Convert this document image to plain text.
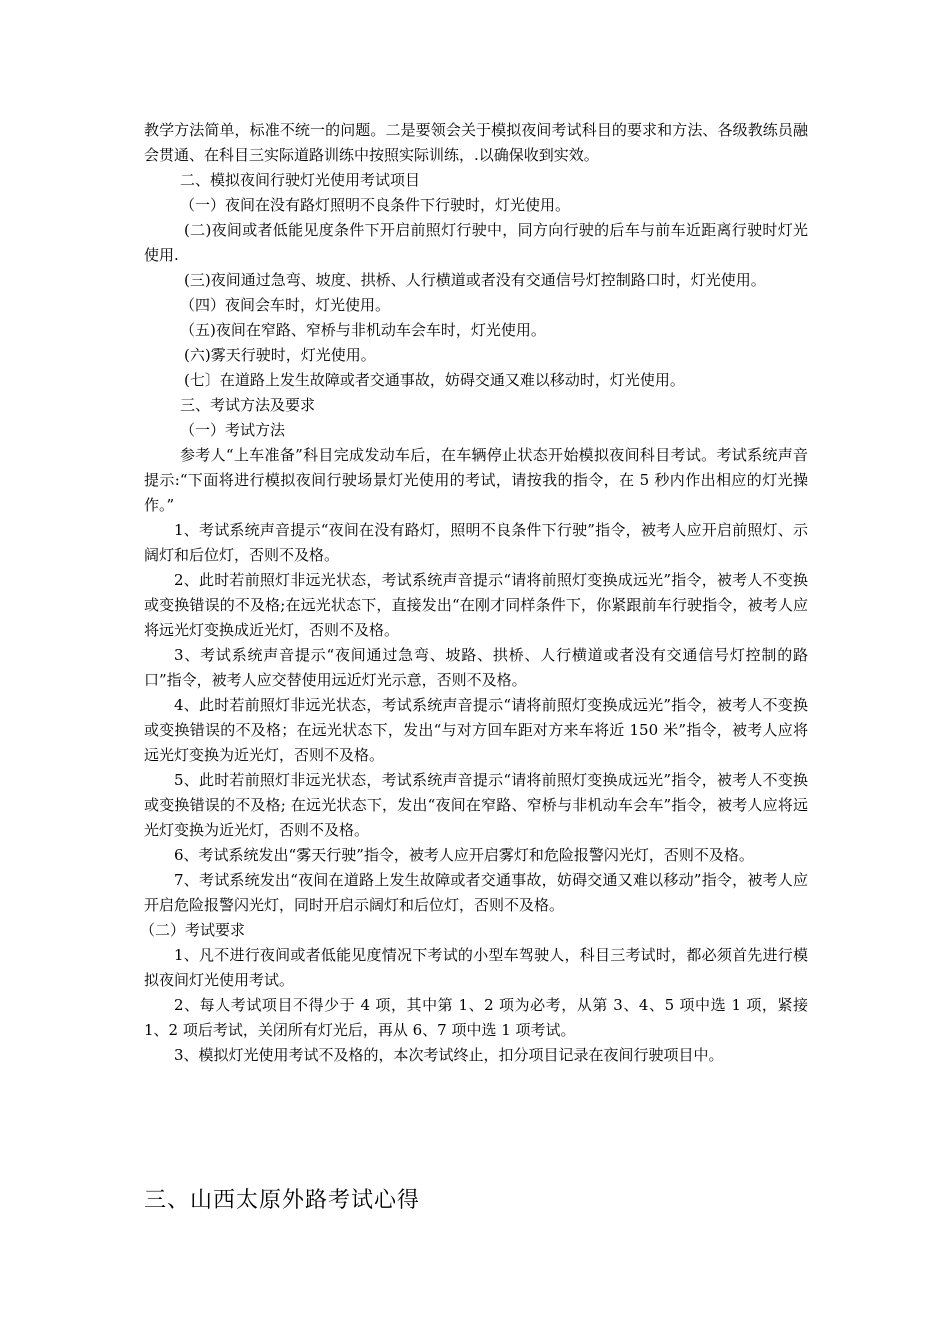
教学方法简单，标准不统一的问题。二是要领会关于模拟夜间考试科目的要求和方法、各级教练员融会贯通、在科目三实际道路训练中按照实际训练，.以确保收到实效。

二、模拟夜间行驶灯光使用考试项目

（一）夜间在没有路灯照明不良条件下行驶时，灯光使用。

(二)夜间或者低能见度条件下开启前照灯行驶中，同方向行驶的后车与前车近距离行驶时灯光使用.

(三)夜间通过急弯、坡度、拱桥、人行横道或者没有交通信号灯控制路口时，灯光使用。

（四）夜间会车时，灯光使用。

（五)夜间在窄路、窄桥与非机动车会车时，灯光使用。

(六)雾天行驶时，灯光使用。

(七〕在道路上发生故障或者交通事故，妨碍交通又难以移动时，灯光使用。

三、考试方法及要求

（一）考试方法

参考人“上车准备”科目完成发动车后，在车辆停止状态开始模拟夜间科目考试。考试系统声音提示:“下面将进行模拟夜间行驶场景灯光使用的考试，请按我的指令，在 5 秒内作出相应的灯光操作。”

1、考试系统声音提示“夜间在没有路灯，照明不良条件下行驶”指令，被考人应开启前照灯、示阔灯和后位灯，否则不及格。

2、此时若前照灯非远光状态，考试系统声音提示“请将前照灯变换成远光”指令，被考人不变换或变换错误的不及格;在远光状态下，直接发出“在刚才同样条件下，你紧跟前车行驶指令，被考人应将远光灯变换成近光灯，否则不及格。

3、考试系统声音提示“夜间通过急弯、坡路、拱桥、人行横道或者没有交通信号灯控制的路口”指令，被考人应交替使用远近灯光示意，否则不及格。

4、此时若前照灯非远光状态，考试系统声音提示“请将前照灯变换成远光”指令，被考人不变换或变换错误的不及格；在远光状态下，发出“与对方回车距对方来车将近 150 米”指令，被考人应将远光灯变换为近光灯，否则不及格。

5、此时若前照灯非远光状态，考试系统声音提示“请将前照灯变换成远光”指令，被考人不变换或变换错误的不及格; 在远光状态下，发出“夜间在窄路、窄桥与非机动车会车”指令，被考人应将远光灯变换为近光灯，否则不及格。

6、考试系统发出“雾天行驶”指令，被考人应开启雾灯和危险报警闪光灯，否则不及格。

7、考试系统发出“夜间在道路上发生故障或者交通事故，妨碍交通又难以移动”指令，被考人应开启危险报警闪光灯，同时开启示阔灯和后位灯，否则不及格。

（二）考试要求

1、凡不进行夜间或者低能见度情况下考试的小型车驾驶人，科目三考试时，都必须首先进行模拟夜间灯光使用考试。

2、每人考试项目不得少于 4 项，其中第 1、2 项为必考，从第 3、4、5 项中选 1 项，紧接 1、2 项后考试，关闭所有灯光后，再从 6、7 项中选 1 项考试。

3、模拟灯光使用考试不及格的，本次考试终止，扣分项目记录在夜间行驶项目中。

三、山西太原外路考试心得
